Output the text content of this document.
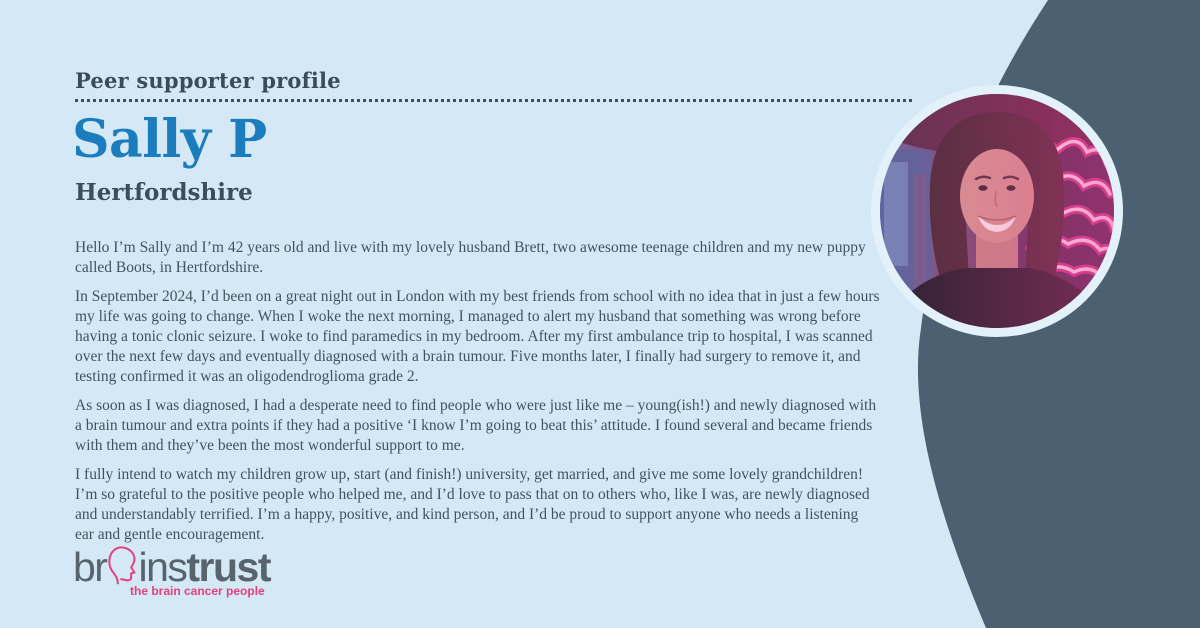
Peer supporter profile
Sally P
Hertfordshire

Hello I’m Sally and I’m 42 years old and live with my lovely husband Brett, two awesome teenage children and my new puppy called Boots, in Hertfordshire.

In September 2024, I’d been on a great night out in London with my best friends from school with no idea that in just a few hours my life was going to change. When I woke the next morning, I managed to alert my husband that something was wrong before having a tonic clonic seizure. I woke to find paramedics in my bedroom. After my first ambulance trip to hospital, I was scanned over the next few days and eventually diagnosed with a brain tumour. Five months later, I finally had surgery to remove it, and testing confirmed it was an oligodendroglioma grade 2.

As soon as I was diagnosed, I had a desperate need to find people who were just like me – young(ish!) and newly diagnosed with a brain tumour and extra points if they had a positive ‘I know I’m going to beat this’ attitude. I found several and became friends with them and they’ve been the most wonderful support to me.

I fully intend to watch my children grow up, start (and finish!) university, get married, and give me some lovely grandchildren! I’m so grateful to the positive people who helped me, and I’d love to pass that on to others who, like I was, are newly diagnosed and understandably terrified. I’m a happy, positive, and kind person, and I’d be proud to support anyone who needs a listening ear and gentle encouragement.

br ins trust
the brain cancer people
